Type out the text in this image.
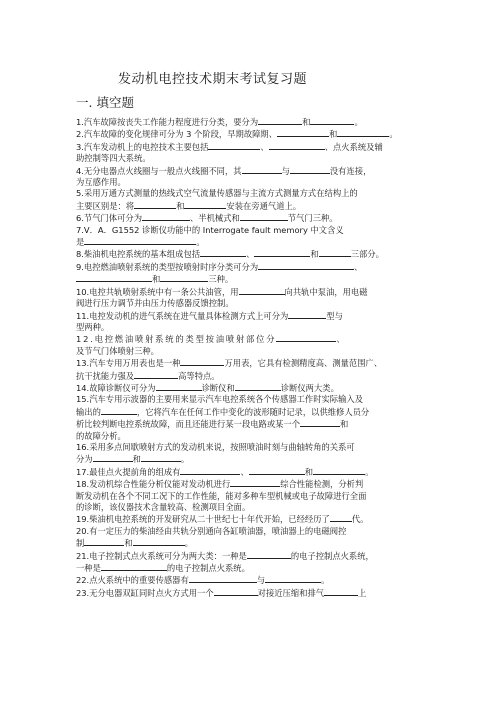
发动机电控技术期末考试复习题
一. 填空题

1.汽车故障按丧失工作能力程度进行分类，要分为	和	。

2.汽车故障的变化规律可分为 3 个阶段，早期故障期、	和	。

3.汽车发动机上的电控技术主要包括	、	、点火系统及辅
助控制等四大系统。

4.无分电器点火线圈与一般点火线圈不同，其	与	没有连接，
为互感作用。

5.采用万通方式测量的热线式空气流量传感器与主流方式测量方式在结构上的
主要区别是：将	和	安装在旁通气道上。

6.节气门体可分为	、半机械式和	节气门三种。

7.V．A．G1552 诊断仪功能中的 Interrogate fault memory 中文含义
是	。

8.柴油机电控系统的基本组成包括	、	和	三部分。

9.电控燃油喷射系统的类型按喷射时序分类可分为	、
和	三种。

10.电控共轨喷射系统中有一条公共油管，用	向共轨中泵油，用电磁
阀进行压力调节并由压力传感器反馈控制。

11.电控发动机的进气系统在进气量具体检测方式上可分为	型与
型两种。

12.电控燃油喷射系统的类型按油喷射部位分	、
及节气门体喷射三种。

13.汽车专用万用表也是一种	万用表，它具有检测精度高、测量范围广、
抗干扰能力强及	高等特点。

14.故障诊断仪可分为	诊断仪和	诊断仪两大类。

15.汽车专用示波器的主要用来显示汽车电控系统各个传感器工作时实际输入及
输出的	，它将汽车在任何工作中变化的波形随时记录，以供维修人员分
析比较判断电控系统故障，而且还能进行某一段电路或某一个	和
的故障分析。

16.采用多点间歇喷射方式的发动机来说，按照喷油时刻与曲轴转角的关系可
分为	和	。

17.最佳点火提前角的组成有	、	和	。

18.发动机综合性能分析仪能对发动机进行	综合性能检测，分析判
断发动机在各个不同工况下的工作性能，能对多种车型机械或电子故障进行全面
的诊断，该仪器技术含量较高、检测项目全面。

19.柴油机电控系统的开发研究从二十世纪七十年代开始，已经经历了	代。

20.有一定压力的柴油经由共轨分别通向各缸喷油器，喷油器上的电磁阀控
制	和	。

21.电子控制式点火系统可分为两大类：一种是	的电子控制点火系统，
一种是	的电子控制点火系统。

22.点火系统中的重要传感器有	与	。

23.无分电器双缸同时点火方式用一个	对接近压缩和排气	上
